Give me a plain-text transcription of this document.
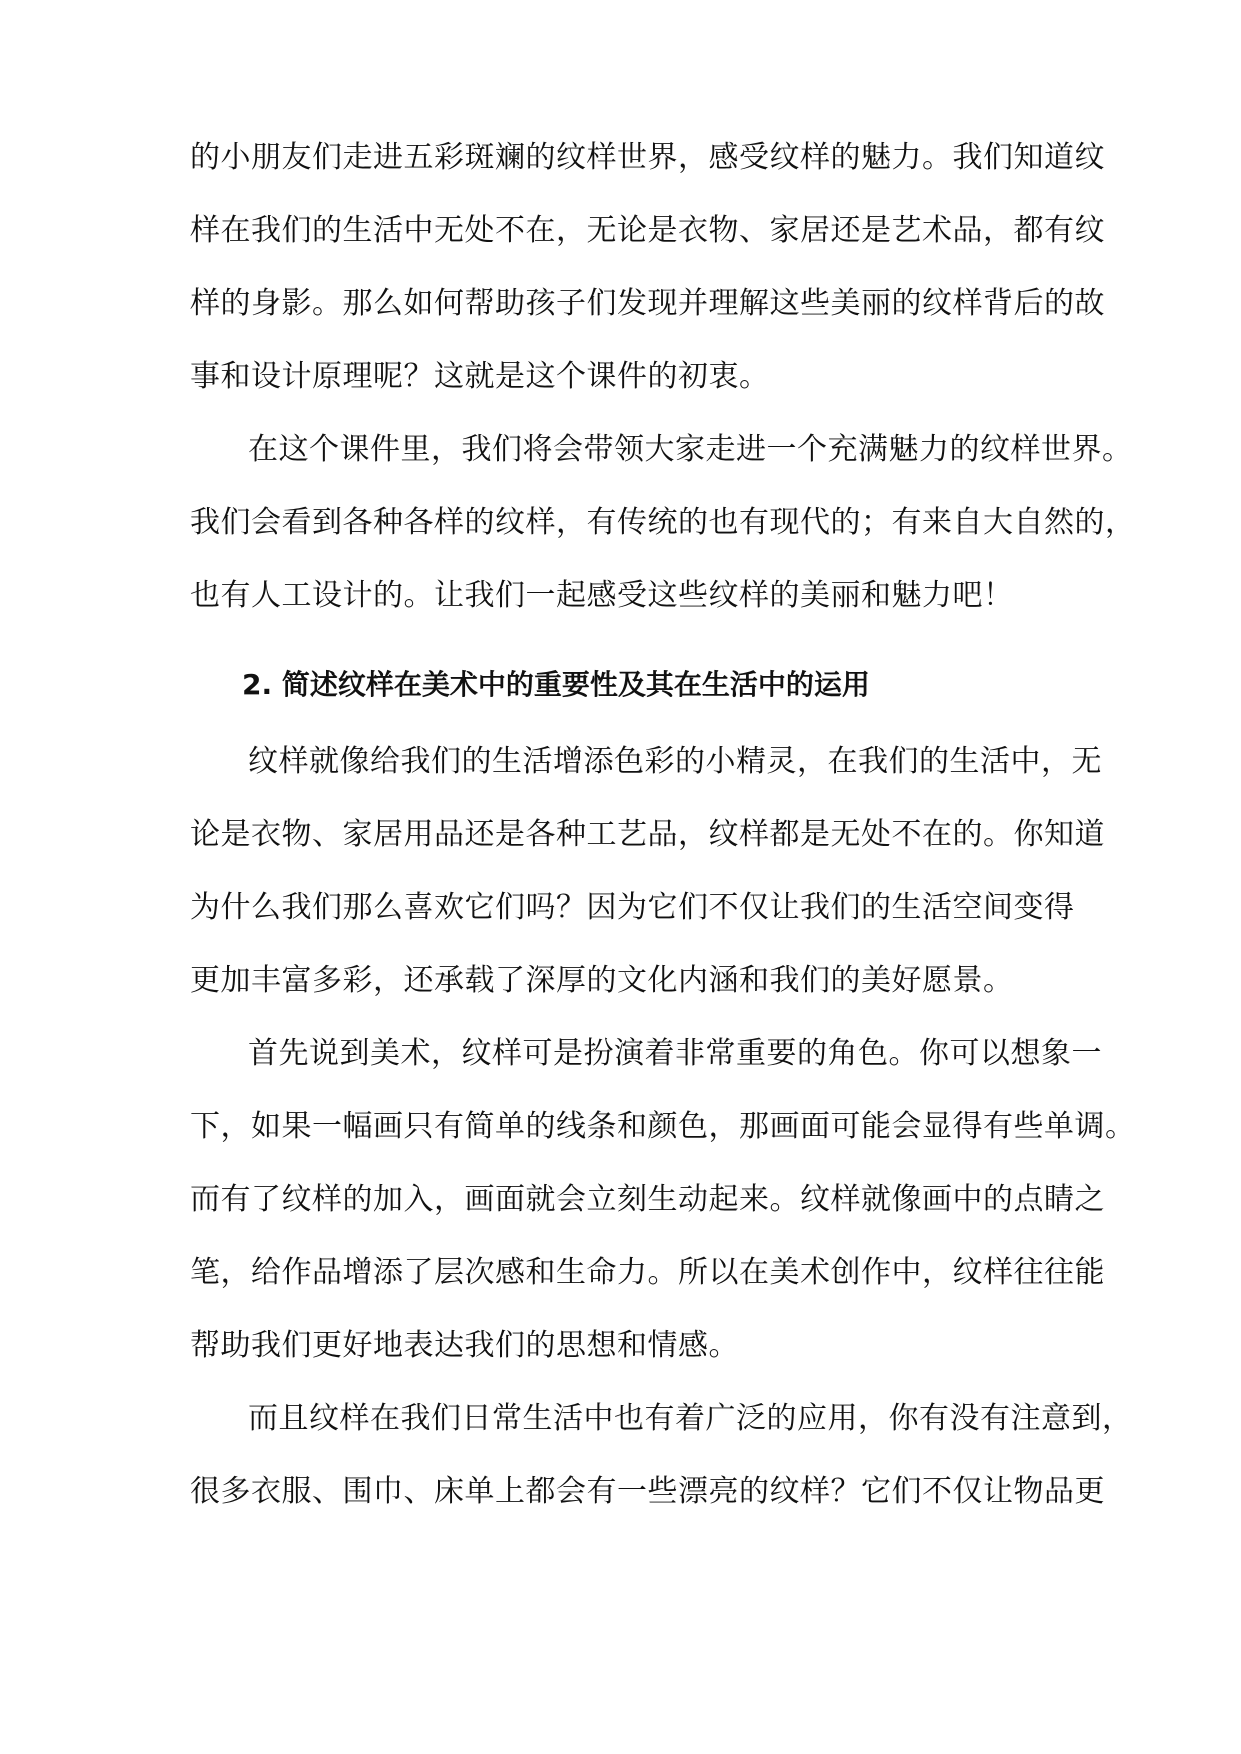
的小朋友们走进五彩斑斓的纹样世界，感受纹样的魅力。我们知道纹
样在我们的生活中无处不在，无论是衣物、家居还是艺术品，都有纹
样的身影。那么如何帮助孩子们发现并理解这些美丽的纹样背后的故
事和设计原理呢？这就是这个课件的初衷。
在这个课件里，我们将会带领大家走进一个充满魅力的纹样世界。
我们会看到各种各样的纹样，有传统的也有现代的；有来自大自然的，
也有人工设计的。让我们一起感受这些纹样的美丽和魅力吧！
2. 简述纹样在美术中的重要性及其在生活中的运用
纹样就像给我们的生活增添色彩的小精灵，在我们的生活中，无
论是衣物、家居用品还是各种工艺品，纹样都是无处不在的。你知道
为什么我们那么喜欢它们吗？因为它们不仅让我们的生活空间变得
更加丰富多彩，还承载了深厚的文化内涵和我们的美好愿景。
首先说到美术，纹样可是扮演着非常重要的角色。你可以想象一
下，如果一幅画只有简单的线条和颜色，那画面可能会显得有些单调。
而有了纹样的加入，画面就会立刻生动起来。纹样就像画中的点睛之
笔，给作品增添了层次感和生命力。所以在美术创作中，纹样往往能
帮助我们更好地表达我们的思想和情感。
而且纹样在我们日常生活中也有着广泛的应用，你有没有注意到，
很多衣服、围巾、床单上都会有一些漂亮的纹样？它们不仅让物品更
